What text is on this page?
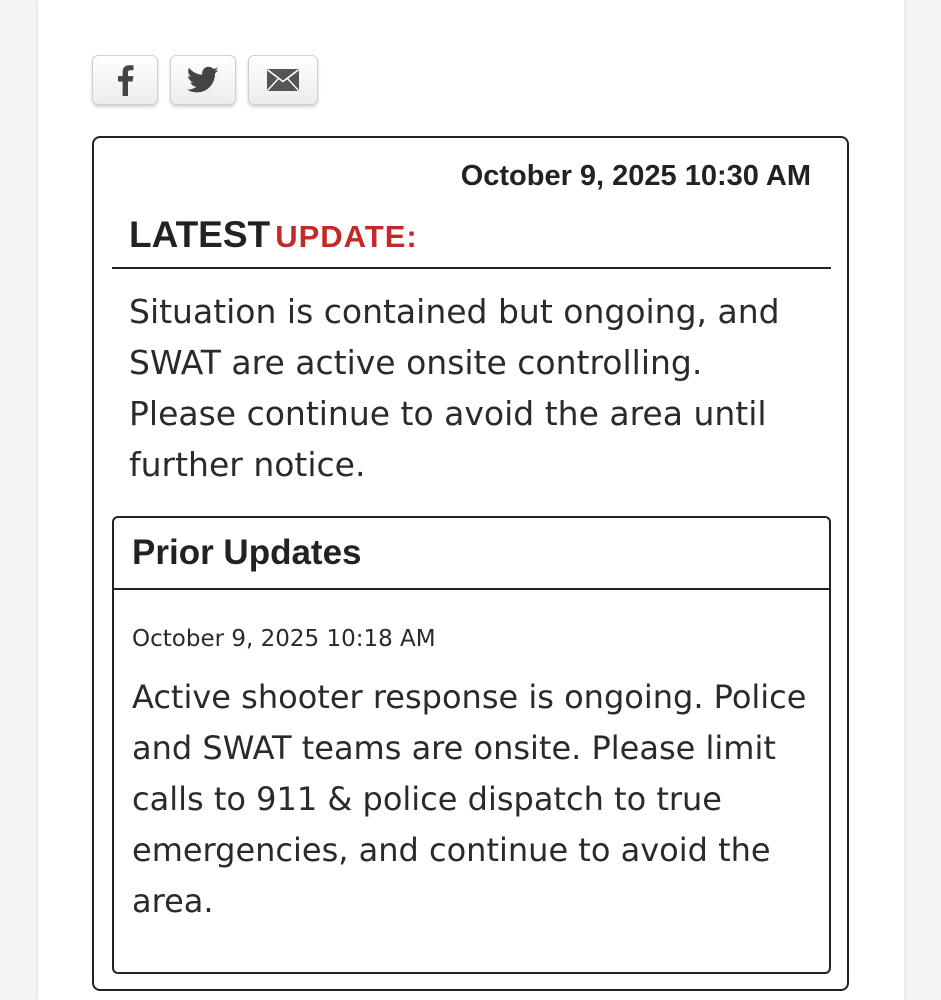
October 9, 2025 10:30 AM
LATEST UPDATE:

Situation is contained but ongoing, and SWAT are active onsite controlling. Please continue to avoid the area until further notice.

Prior Updates

October 9, 2025 10:18 AM

Active shooter response is ongoing. Police and SWAT teams are onsite. Please limit calls to 911 & police dispatch to true emergencies, and continue to avoid the area.
